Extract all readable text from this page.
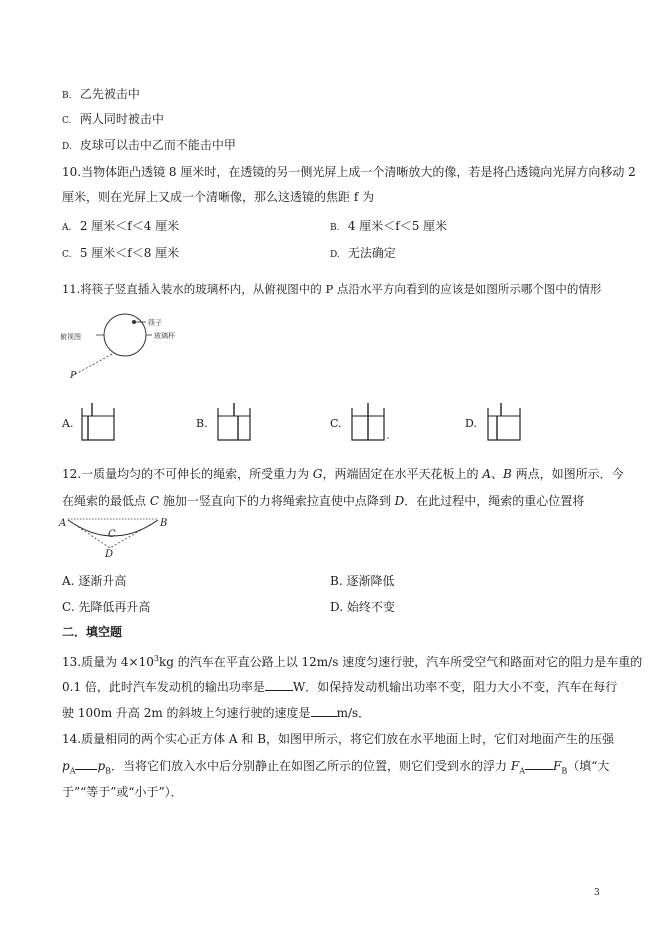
B. 乙先被击中
C. 两人同时被击中
D. 皮球可以击中乙而不能击中甲
10.当物体距凸透镜 8 厘米时，在透镜的另一侧光屏上成一个清晰放大的像，若是将凸透镜向光屏方向移动 2
厘米，则在光屏上又成一个清晰像，那么这透镜的焦距 f 为
A. 2 厘米＜f＜4 厘米	B. 4 厘米＜f＜5 厘米
C. 5 厘米＜f＜8 厘米	D. 无法确定
11.将筷子竖直插入装水的玻璃杯内，从俯视图中的 P 点沿水平方向看到的应该是如图所示哪个图中的情形
俯视图
筷子
玻璃杯
P
A.	B.	C.	D.
12.一质量均匀的不可伸长的绳索，所受重力为 G，两端固定在水平天花板上的 A、B 两点，如图所示．今
在绳索的最低点 C 施加一竖直向下的力将绳索拉直使中点降到 D．在此过程中，绳索的重心位置将
A	B
C
D
A. 逐渐升高	B. 逐渐降低
C. 先降低再升高	D. 始终不变
二．填空题
13.质量为 $4\times 10^3kg$ 的汽车在平直公路上以 12m/s 速度匀速行驶，汽车所受空气和路面对它的阻力是车重的
0.1 倍，此时汽车发动机的输出功率是 W．如保持发动机输出功率不变，阻力大小不变，汽车在每行
驶 100m 升高 2m 的斜坡上匀速行驶的速度是 m/s．
14.质量相同的两个实心正方体 A 和 B，如图甲所示，将它们放在水平地面上时，它们对地面产生的压强
$p_A$ $p_B$．当将它们放入水中后分别静止在如图乙所示的位置，则它们受到水的浮力 $F_A$ $F_B$（填“大
于”“等于”或“小于”）．
3
